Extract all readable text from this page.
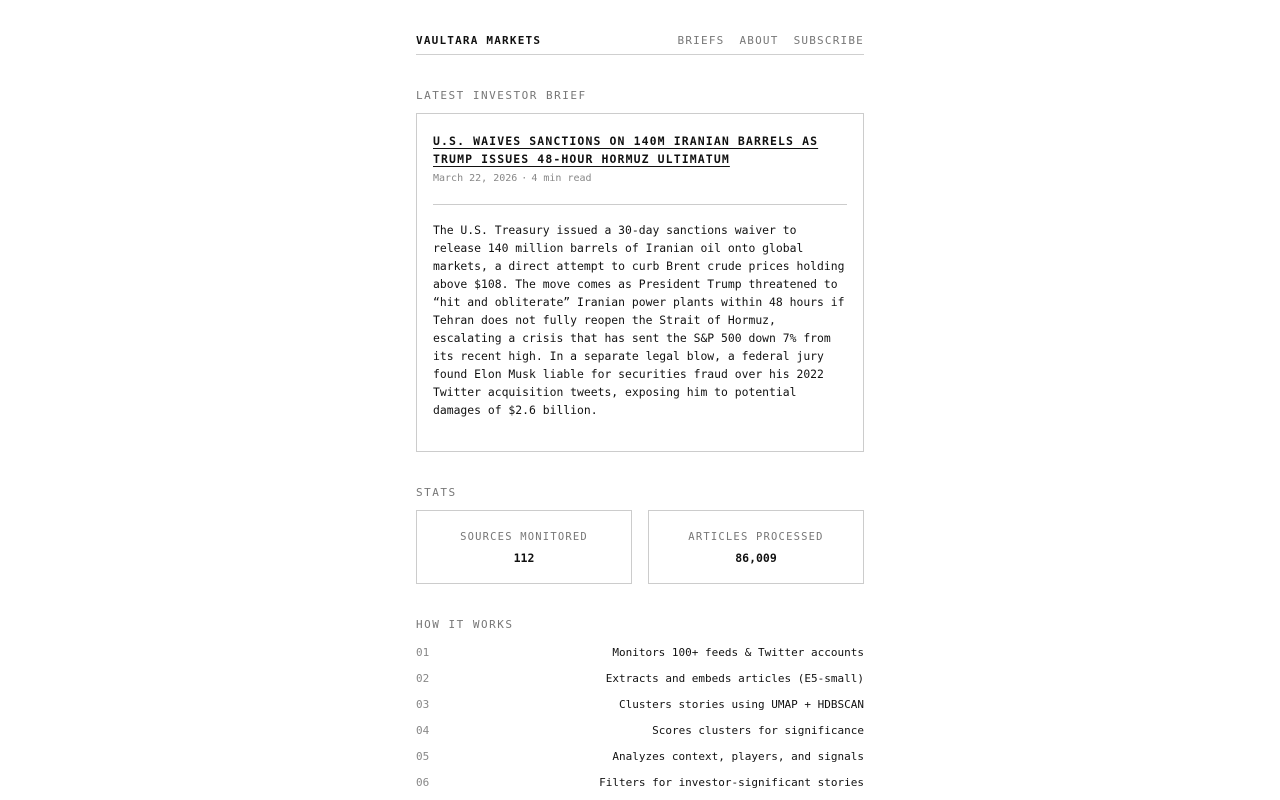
VAULTARA MARKETS	BRIEFS ABOUT SUBSCRIBE
LATEST INVESTOR BRIEF
U.S. WAIVES SANCTIONS ON 140M IRANIAN BARRELS AS TRUMP ISSUES 48-HOUR HORMUZ ULTIMATUM
March 22, 2026 · 4 min read

The U.S. Treasury issued a 30-day sanctions waiver to release 140 million barrels of Iranian oil onto global markets, a direct attempt to curb Brent crude prices holding above $108. The move comes as President Trump threatened to “hit and obliterate” Iranian power plants within 48 hours if Tehran does not fully reopen the Strait of Hormuz, escalating a crisis that has sent the S&P 500 down 7% from its recent high. In a separate legal blow, a federal jury found Elon Musk liable for securities fraud over his 2022 Twitter acquisition tweets, exposing him to potential damages of $2.6 billion.

STATS
SOURCES MONITORED
112
ARTICLES PROCESSED
86,009
HOW IT WORKS
01	Monitors 100+ feeds & Twitter accounts
02	Extracts and embeds articles (E5-small)
03	Clusters stories using UMAP + HDBSCAN
04	Scores clusters for significance
05	Analyzes context, players, and signals
06	Filters for investor-significant stories
